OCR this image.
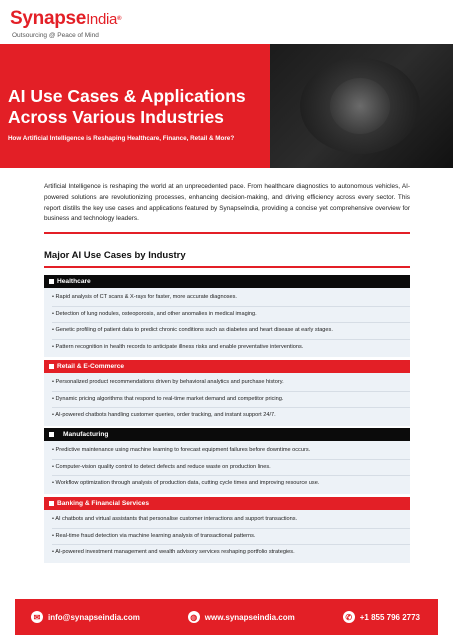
SynapseIndia®
Outsourcing @ Peace of Mind
AI Use Cases & Applications Across Various Industries
How Artificial Intelligence is Reshaping Healthcare, Finance, Retail & More?
Artificial Intelligence is reshaping the world at an unprecedented pace. From healthcare diagnostics to autonomous vehicles, AI-powered solutions are revolutionizing processes, enhancing decision-making, and driving efficiency across every sector. This report distills the key use cases and applications featured by SynapseIndia, providing a concise yet comprehensive overview for business and technology leaders.
Major AI Use Cases by Industry
Healthcare
• Rapid analysis of CT scans & X-rays for faster, more accurate diagnoses.
• Detection of lung nodules, osteoporosis, and other anomalies in medical imaging.
• Genetic profiling of patient data to predict chronic conditions such as diabetes and heart disease at early stages.
• Pattern recognition in health records to anticipate illness risks and enable preventative interventions.
Retail & E-Commerce
• Personalized product recommendations driven by behavioral analytics and purchase history.
• Dynamic pricing algorithms that respond to real-time market demand and competitor pricing.
• AI-powered chatbots handling customer queries, order tracking, and instant support 24/7.
Manufacturing
• Predictive maintenance using machine learning to forecast equipment failures before downtime occurs.
• Computer-vision quality control to detect defects and reduce waste on production lines.
• Workflow optimization through analysis of production data, cutting cycle times and improving resource use.
Banking & Financial Services
• AI chatbots and virtual assistants that personalise customer interactions and support transactions.
• Real-time fraud detection via machine learning analysis of transactional patterns.
• AI-powered investment management and wealth advisory services reshaping portfolio strategies.
✉ info@synapseindia.com	◍ www.synapseindia.com	✆ +1 855 796 2773
